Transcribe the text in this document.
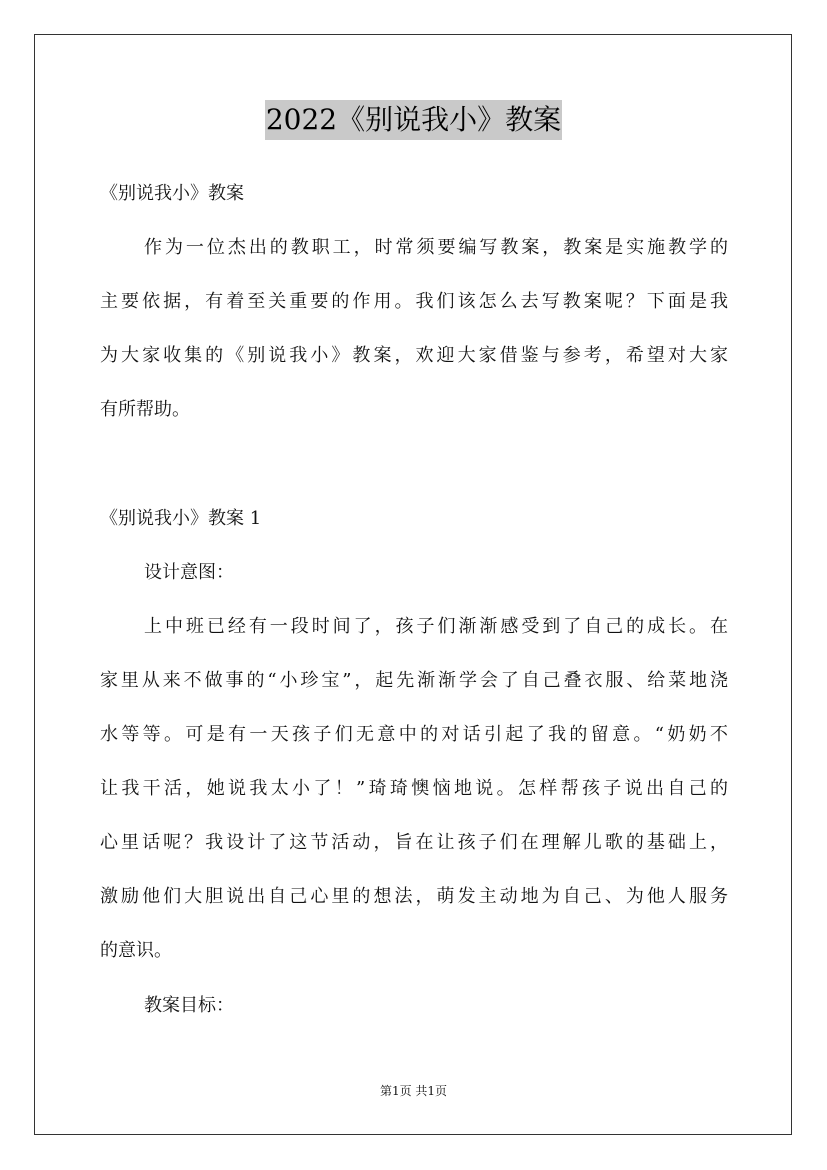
2022《别说我小》教案
《别说我小》教案
作为一位杰出的教职工，时常须要编写教案，教案是实施教学的
主要依据，有着至关重要的作用。我们该怎么去写教案呢？下面是我
为大家收集的《别说我小》教案，欢迎大家借鉴与参考，希望对大家
有所帮助。
《别说我小》教案 1
设计意图：
上中班已经有一段时间了，孩子们渐渐感受到了自己的成长。在
家里从来不做事的“小珍宝”，起先渐渐学会了自己叠衣服、给菜地浇
水等等。可是有一天孩子们无意中的对话引起了我的留意。“奶奶不
让我干活，她说我太小了！”琦琦懊恼地说。怎样帮孩子说出自己的
心里话呢？我设计了这节活动，旨在让孩子们在理解儿歌的基础上，
激励他们大胆说出自己心里的想法，萌发主动地为自己、为他人服务
的意识。
教案目标：
第1页 共1页
